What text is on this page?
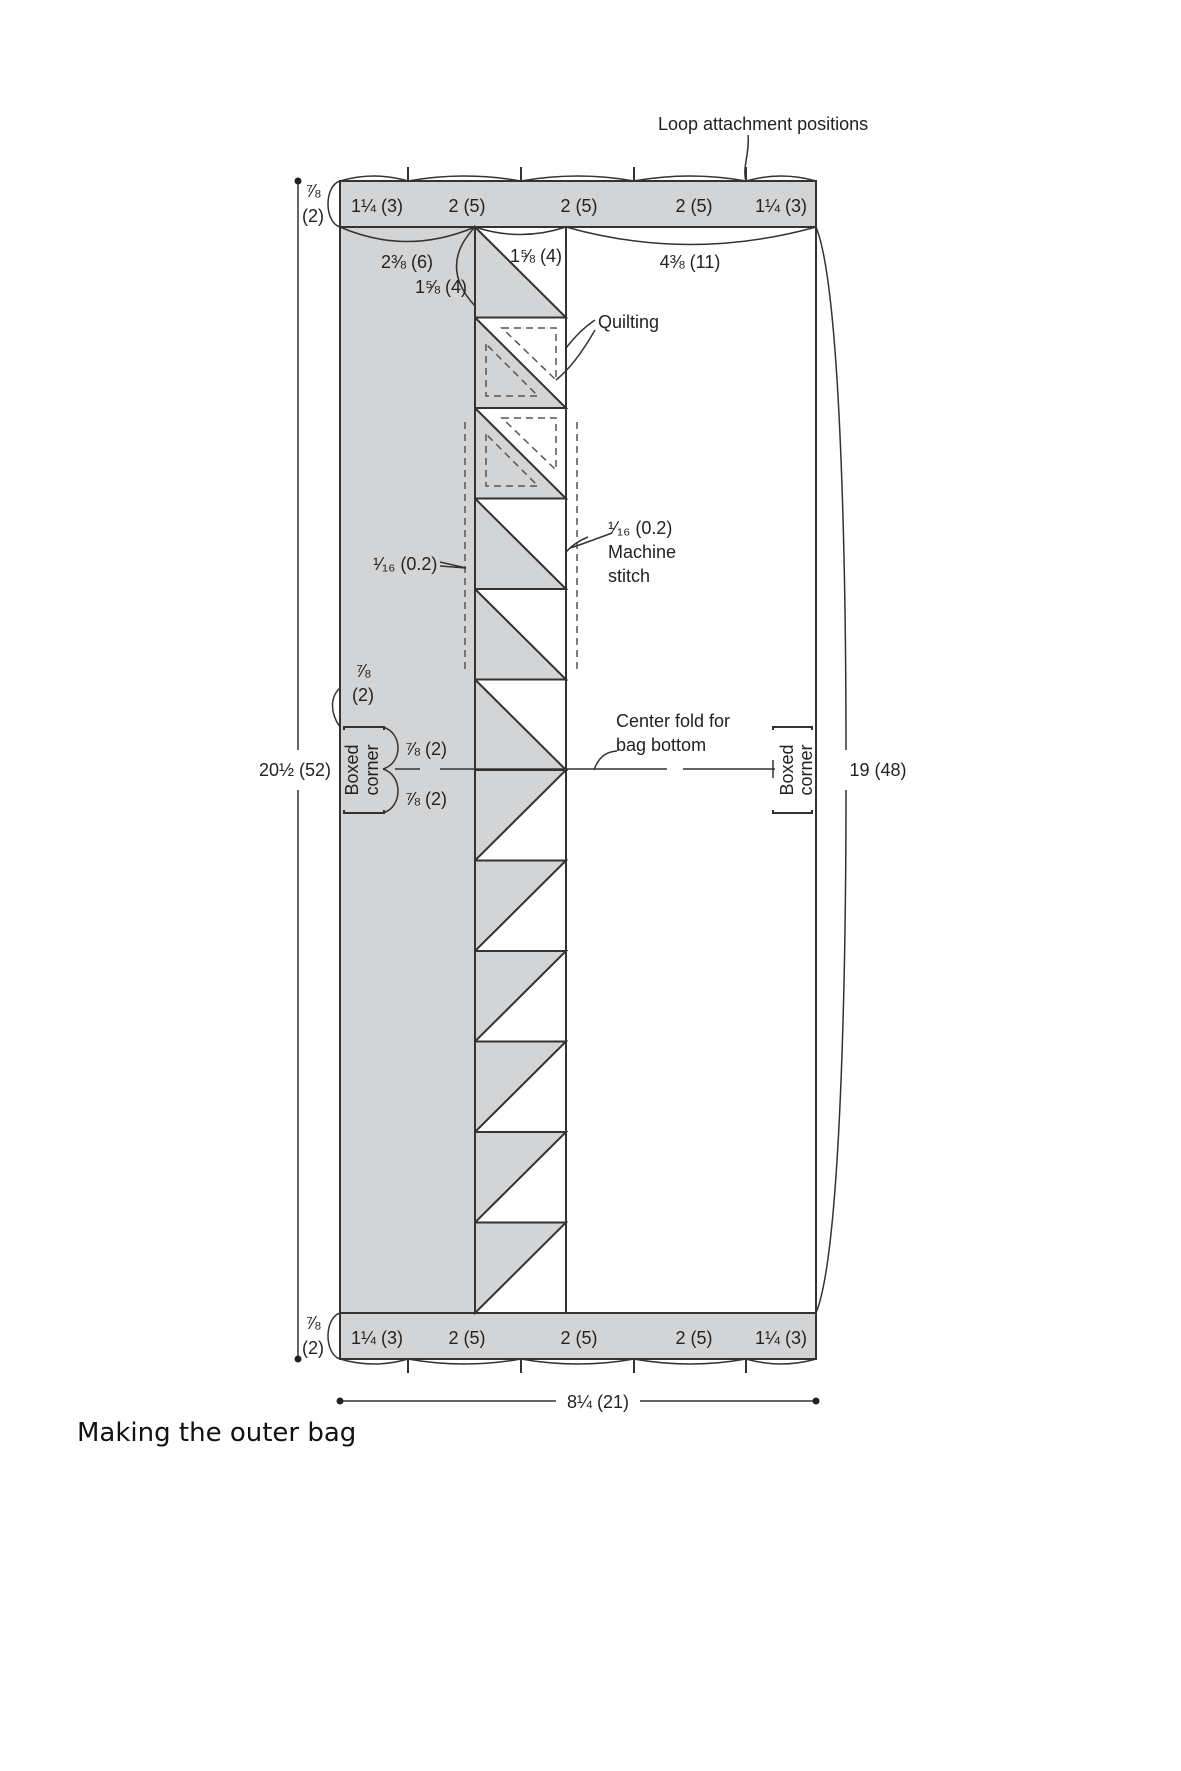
Loop attachment positions
1¼ (3)	2 (5)	2 (5)	2 (5) 1¼ (3)
1¼ (3)	2 (5)	2 (5)	2 (5) 1¼ (3)
⅞
(2)
⅞
(2)
2⅜ (6)	1⅝ (4)	4⅜ (11)
1⅝ (4)
Quilting
¹⁄₁₆ (0.2)
Machine
stitch
¹⁄₁₆ (0.2)
⅞
(2)
⅞ (2)
⅞ (2)
Boxed corner	Boxed corner
Center fold for
bag bottom
20½ (52)	19 (48)
8¼ (21)
Making the outer bag
